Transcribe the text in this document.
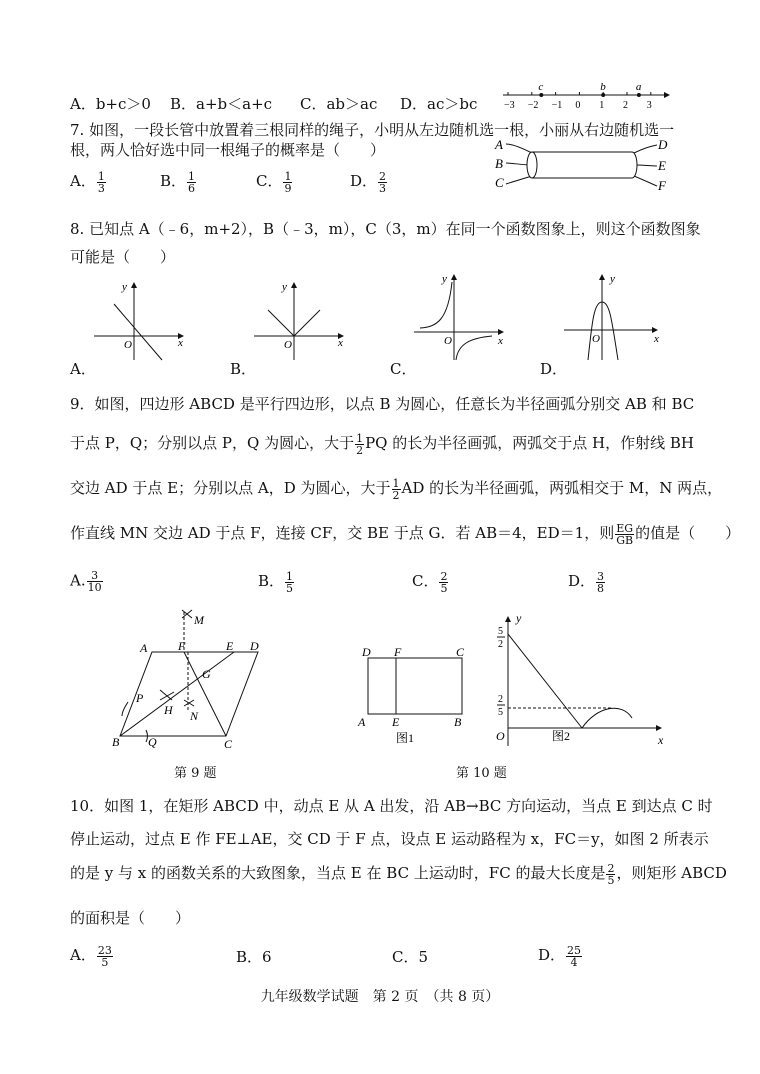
A．b+c＞0 B．a+b＜a+c C．ab＞ac D．ac＞bc	−3 −2 −1 0 1 2 3
c	b	a
7. 如图，一段长管中放置着三根同样的绳子，小明从左边随机选一根，小丽从右边随机选一
根，两人恰好选中同一根绳子的概率是（　　）
A． $\frac{1}{3}$	B． $\frac{1}{6}$	C． $\frac{1}{9}$	D． $\frac{2}{3}$
A
B
C
D
E
F
8. 已知点 A（﹣6，m+2），B（﹣3，m），C（3，m）在同一个函数图象上，则这个函数图象
可能是（　　）
A．	B．	C．	D．
x
y
O	x
y
O	x
y
O	x
y
O
9．如图，四边形 ABCD 是平行四边形，以点 B 为圆心，任意长为半径画弧分别交 AB 和 BC
于点 P，Q；分别以点 P，Q 为圆心，大于 $\frac{1}{2}$ PQ 的长为半径画弧，两弧交于点 H，作射线 BH
交边 AD 于点 E；分别以点 A，D 为圆心，大于 $\frac{1}{2}$ AD 的长为半径画弧，两弧相交于 M，N 两点，
作直线 MN 交边 AD 于点 F，连接 CF，交 BE 于点 G．若 AB＝4，ED＝1，则 $\frac{EG}{GB}$ 的值是（　　）
A. $\frac{3}{10}$	B． $\frac{1}{5}$	C． $\frac{2}{5}$	D． $\frac{3}{8}$
A	F	E D
M
G
P
H N
B Q	C
第 9 题
D F	C
A E	B
图1
y
x
O
5
2
2
5
图2
第 10 题
10．如图 1，在矩形 ABCD 中，动点 E 从 A 出发，沿 AB→BC 方向运动，当点 E 到达点 C 时
停止运动，过点 E 作 FE⊥AE，交 CD 于 F 点，设点 E 运动路程为 x，FC＝y，如图 2 所表示
的是 y 与 x 的函数关系的大致图象，当点 E 在 BC 上运动时，FC 的最大长度是 $\frac{2}{5}$ ，则矩形 ABCD
的面积是（　　）
A． $\frac{23}{5}$	B．6	C．5	D． $\frac{25}{4}$
九年级数学试题　第 2 页　（共 8 页）
